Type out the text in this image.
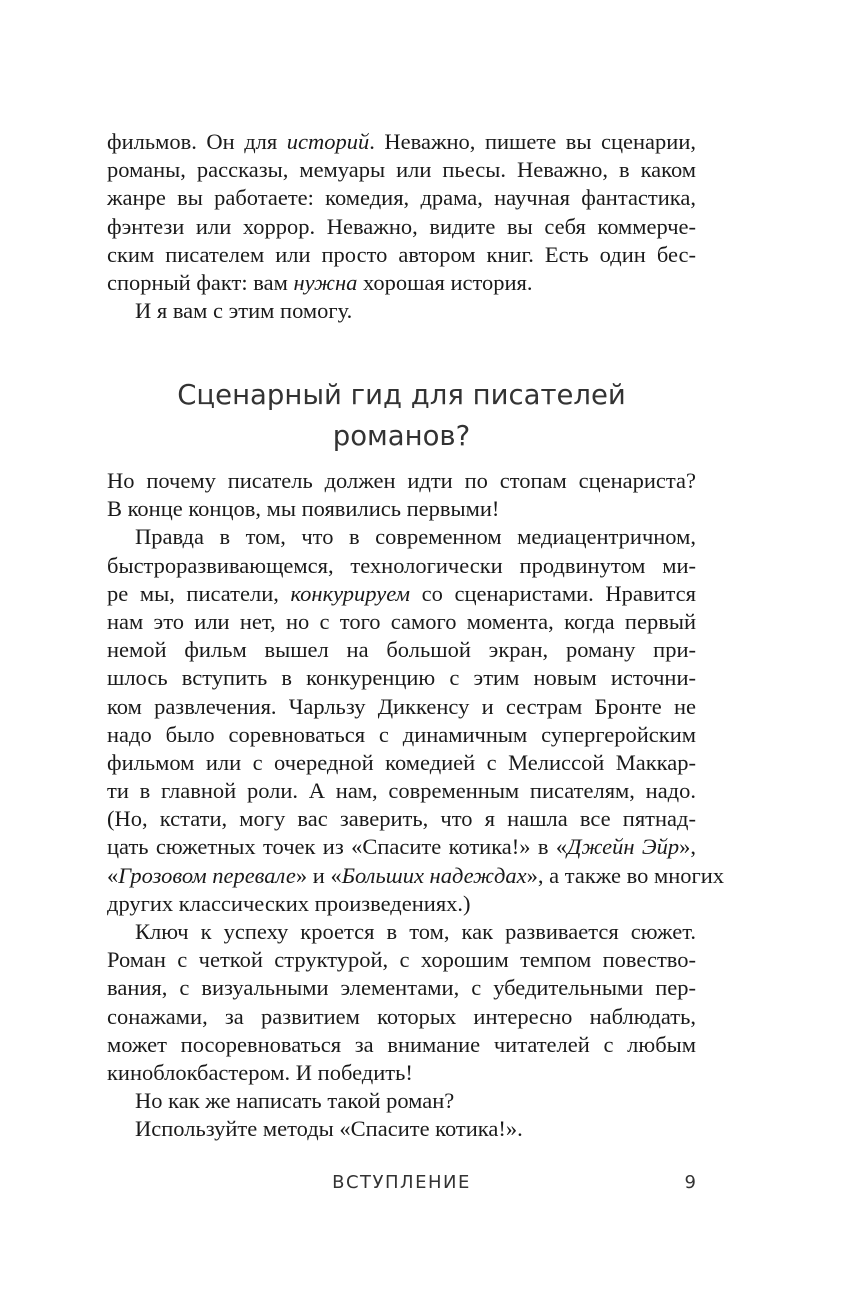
фильмов. Он для историй. Неважно, пишете вы сценарии,
романы, рассказы, мемуары или пьесы. Неважно, в каком
жанре вы работаете: комедия, драма, научная фантастика,
фэнтези или хоррор. Неважно, видите вы себя коммерче-
ским писателем или просто автором книг. Есть один бес-
спорный факт: вам нужна хорошая история.
И я вам с этим помогу.
Сценарный гид для писателей
романов?
Но почему писатель должен идти по стопам сценариста?
В конце концов, мы появились первыми!
Правда в том, что в современном медиацентричном,
быстроразвивающемся, технологически продвинутом ми-
ре мы, писатели, конкурируем со сценаристами. Нравится
нам это или нет, но с того самого момента, когда первый
немой фильм вышел на большой экран, роману при-
шлось вступить в конкуренцию с этим новым источни-
ком развлечения. Чарльзу Диккенсу и сестрам Бронте не
надо было соревноваться с динамичным супергеройским
фильмом или с очередной комедией с Мелиссой Маккар-
ти в главной роли. А нам, современным писателям, надо.
(Но, кстати, могу вас заверить, что я нашла все пятнад-
цать сюжетных точек из «Спасите котика!» в «Джейн Эйр»,
«Грозовом перевале» и «Больших надеждах», а также во многих
других классических произведениях.)
Ключ к успеху кроется в том, как развивается сюжет.
Роман с четкой структурой, с хорошим темпом повество-
вания, с визуальными элементами, с убедительными пер-
сонажами, за развитием которых интересно наблюдать,
может посоревноваться за внимание читателей с любым
киноблокбастером. И победить!
Но как же написать такой роман?
Используйте методы «Спасите котика!».
ВСТУПЛЕНИЕ	9
